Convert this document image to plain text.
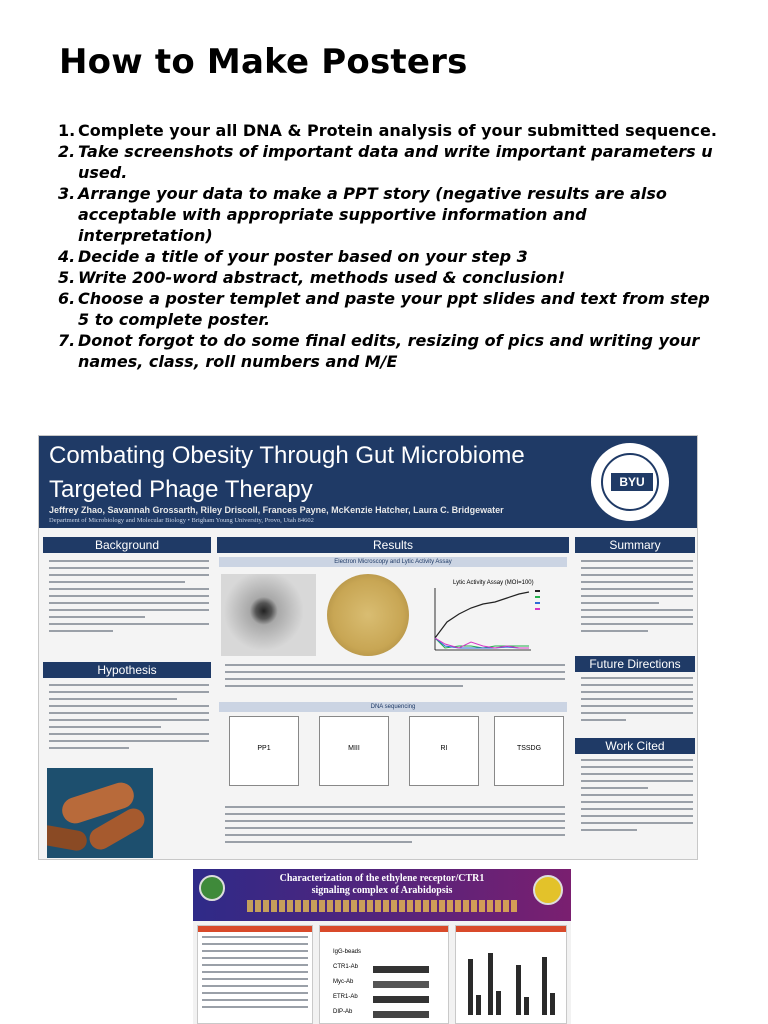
How to Make Posters
1. Complete your all DNA & Protein analysis of your submitted sequence.
2. Take screenshots of important data and write important parameters u used.
3. Arrange your data to make a PPT story (negative results are also acceptable with appropriate supportive information and interpretation)
4. Decide a title of your poster based on your step 3
5. Write 200-word abstract, methods used & conclusion!
6. Choose a poster templet and paste your ppt slides and text from step 5 to complete poster.
7. Donot forgot to do some final edits, resizing of pics and writing your names, class, roll numbers and M/E
Combating Obesity Through Gut Microbiome
Targeted Phage Therapy
Jeffrey Zhao, Savannah Grossarth, Riley Driscoll, Frances Payne, McKenzie Hatcher, Laura C. Bridgewater
Department of Microbiology and Molecular Biology • Brigham Young University, Provo, Utah 84602
BYU
Background	Results	Summary
Hypothesis	Future Directions
Work Cited
Electron Microscopy and Lytic Activity Assay
DNA sequencing
Lytic Activity Assay (MOI=100)
PP1	MIII	RI	TSSDG
Characterization of the ethylene receptor/CTR1
signaling complex of Arabidopsis
IgG-beads
CTR1-Ab
Myc-Ab
ETR1-Ab
DIP-Ab
